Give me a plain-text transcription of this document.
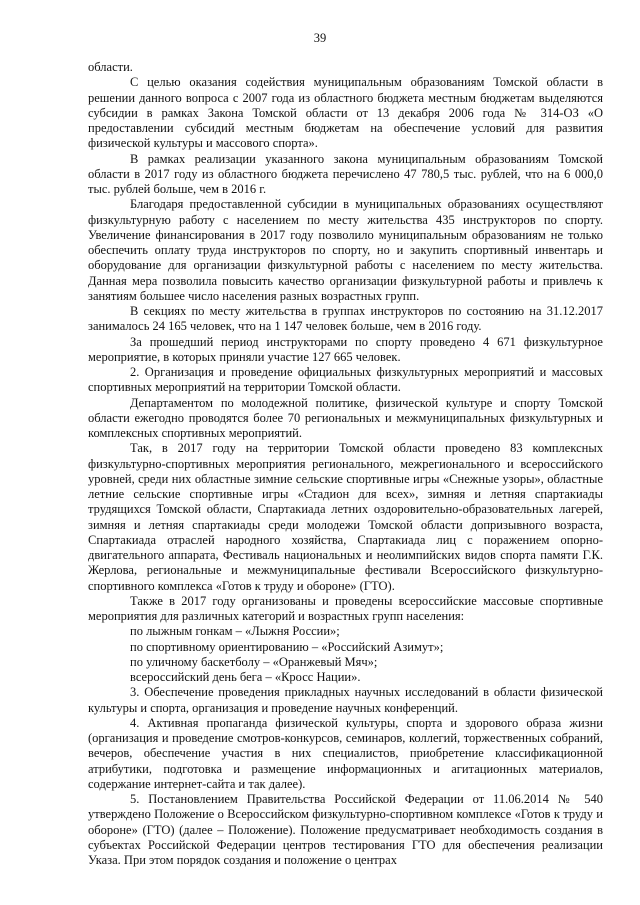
39

области.

С целью оказания содействия муниципальным образованиям Томской области в решении данного вопроса с 2007 года из областного бюджета местным бюджетам выделяются субсидии в рамках Закона Томской области от 13 декабря 2006 года № 314-ОЗ «О предоставлении субсидий местным бюджетам на обеспечение условий для развития физической культуры и массового спорта».

В рамках реализации указанного закона муниципальным образованиям Томской области в 2017 году из областного бюджета перечислено 47 780,5 тыс. рублей, что на 6 000,0 тыс. рублей больше, чем в 2016 г.

Благодаря предоставленной субсидии в муниципальных образованиях осуществляют физкультурную работу с населением по месту жительства 435 инструкторов по спорту. Увеличение финансирования в 2017 году позволило муниципальным образованиям не только обеспечить оплату труда инструкторов по спорту, но и закупить спортивный инвентарь и оборудование для организации физкультурной работы с населением по месту жительства. Данная мера позволила повысить качество организации физкультурной работы и привлечь к занятиям большее число населения разных возрастных групп.

В секциях по месту жительства в группах инструкторов по состоянию на 31.12.2017 занималось 24 165 человек, что на 1 147 человек больше, чем в 2016 году.

За прошедший период инструкторами по спорту проведено 4 671 физкультурное мероприятие, в которых приняли участие 127 665 человек.

2. Организация и проведение официальных физкультурных мероприятий и массовых спортивных мероприятий на территории Томской области.

Департаментом по молодежной политике, физической культуре и спорту Томской области ежегодно проводятся более 70 региональных и межмуниципальных физкультурных и комплексных спортивных мероприятий.

Так, в 2017 году на территории Томской области проведено 83 комплексных физкультурно-спортивных мероприятия регионального, межрегионального и всероссийского уровней, среди них областные зимние сельские спортивные игры «Снежные узоры», областные летние сельские спортивные игры «Стадион для всех», зимняя и летняя спартакиады трудящихся Томской области, Спартакиада летних оздоровительно-образовательных лагерей, зимняя и летняя спартакиады среди молодежи Томской области допризывного возраста, Спартакиада отраслей народного хозяйства, Спартакиада лиц с поражением опорно-двигательного аппарата, Фестиваль национальных и неолимпийских видов спорта памяти Г.К. Жерлова, региональные и межмуниципальные фестивали Всероссийского физкультурно-спортивного комплекса «Готов к труду и обороне» (ГТО).

Также в 2017 году организованы и проведены всероссийские массовые спортивные мероприятия для различных категорий и возрастных групп населения:

по лыжным гонкам – «Лыжня России»;

по спортивному ориентированию – «Российский Азимут»;

по уличному баскетболу – «Оранжевый Мяч»;

всероссийский день бега – «Кросс Нации».

3. Обеспечение проведения прикладных научных исследований в области физической культуры и спорта, организация и проведение научных конференций.

4. Активная пропаганда физической культуры, спорта и здорового образа жизни (организация и проведение смотров-конкурсов, семинаров, коллегий, торжественных собраний, вечеров, обеспечение участия в них специалистов, приобретение классификационной атрибутики, подготовка и размещение информационных и агитационных материалов, содержание интернет-сайта и так далее).

5. Постановлением Правительства Российской Федерации от 11.06.2014 № 540 утверждено Положение о Всероссийском физкультурно-спортивном комплексе «Готов к труду и обороне» (ГТО) (далее – Положение). Положение предусматривает необходимость создания в субъектах Российской Федерации центров тестирования ГТО для обеспечения реализации Указа. При этом порядок создания и положение о центрах
